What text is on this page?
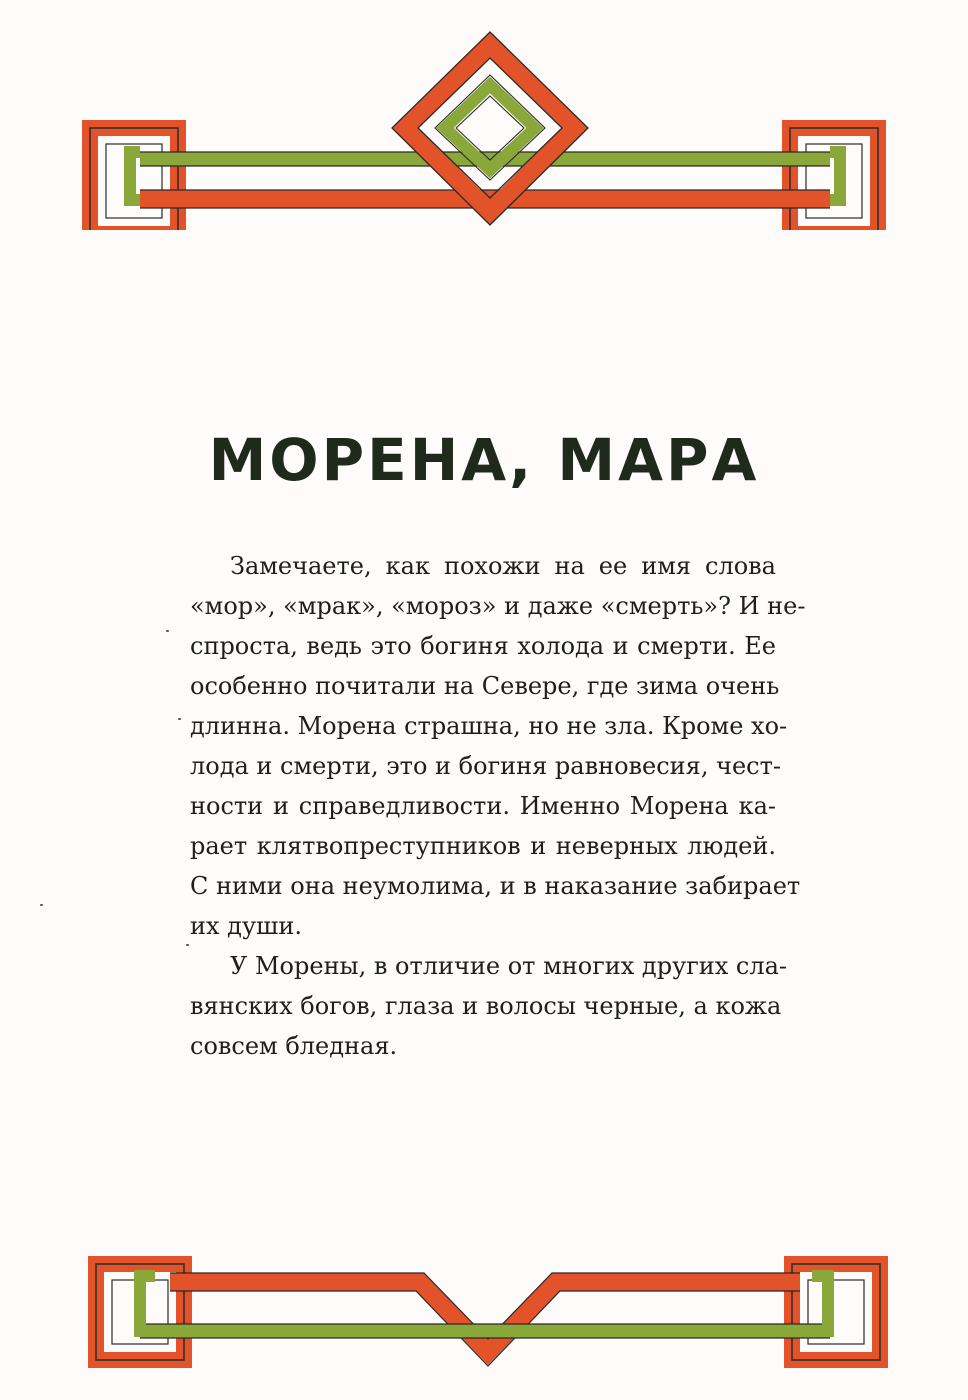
МОРЕНА, МАРА
Замечаете, как похожи на ее имя слова
«мор», «мрак», «мороз» и даже «смерть»? И не-
спроста, ведь это богиня холода и смерти. Ее
особенно почитали на Севере, где зима очень
длинна. Морена страшна, но не зла. Кроме хо-
лода и смерти, это и богиня равновесия, чест-
ности и справедливости. Именно Морена ка-
рает клятвопреступников и неверных людей.
С ними она неумолима, и в наказание забирает
их души.
У Морены, в отличие от многих других сла-
вянских богов, глаза и волосы черные, а кожа
совсем бледная.
